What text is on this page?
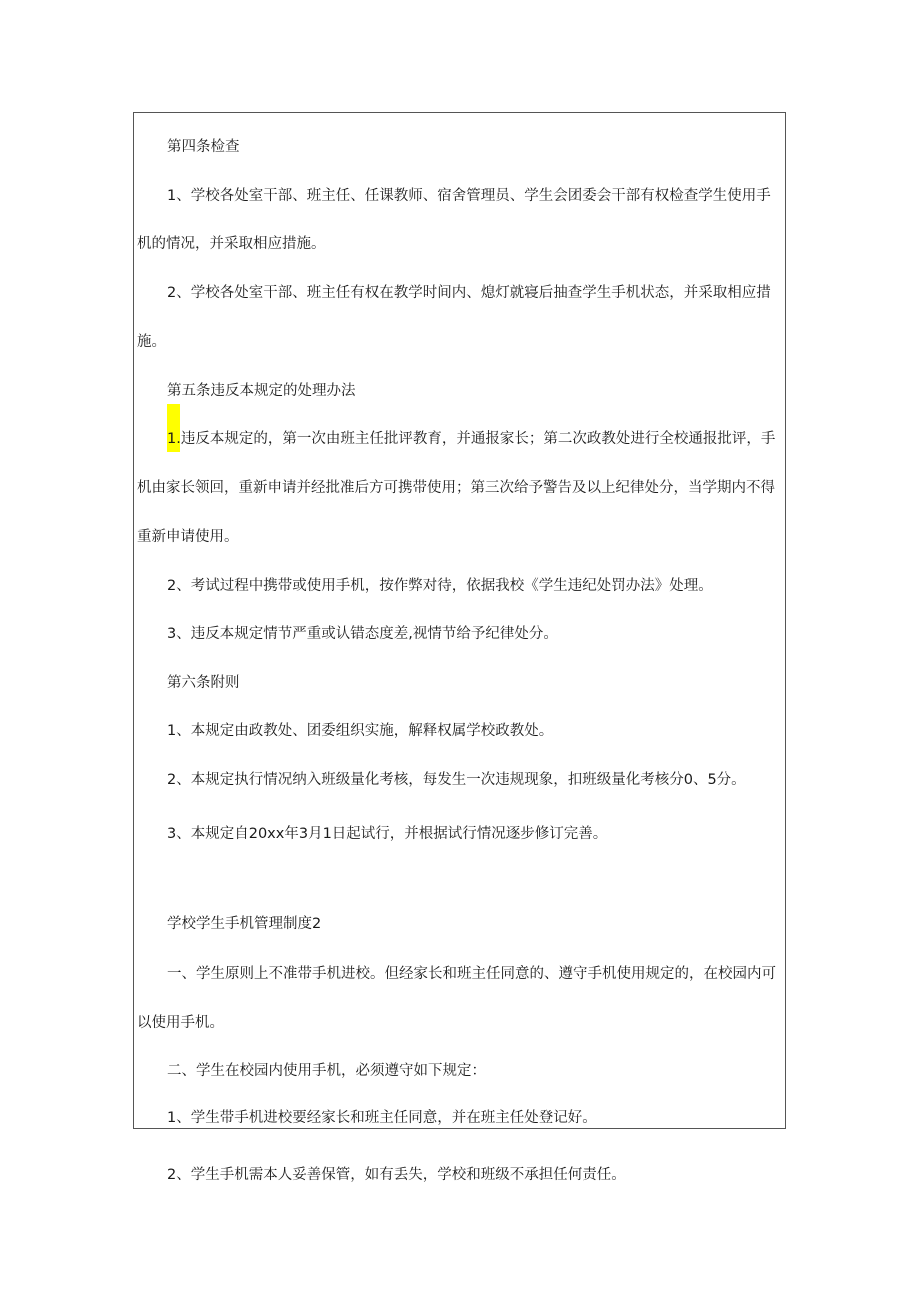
第四条检查

1、学校各处室干部、班主任、任课教师、宿舍管理员、学生会团委会干部有权检查学生使用手

机的情况，并采取相应措施。

2、学校各处室干部、班主任有权在教学时间内、熄灯就寝后抽查学生手机状态，并采取相应措

施。

第五条违反本规定的处理办法

1.违反本规定的，第一次由班主任批评教育，并通报家长；第二次政教处进行全校通报批评，手

机由家长领回，重新申请并经批准后方可携带使用；第三次给予警告及以上纪律处分，当学期内不得

重新申请使用。

2、考试过程中携带或使用手机，按作弊对待，依据我校《学生违纪处罚办法》处理。

3、违反本规定情节严重或认错态度差,视情节给予纪律处分。

第六条附则

1、本规定由政教处、团委组织实施，解释权属学校政教处。

2、本规定执行情况纳入班级量化考核，每发生一次违规现象，扣班级量化考核分0、5分。

3、本规定自20xx年3月1日起试行，并根据试行情况逐步修订完善。

学校学生手机管理制度2

一、学生原则上不准带手机进校。但经家长和班主任同意的、遵守手机使用规定的，在校园内可

以使用手机。

二、学生在校园内使用手机，必须遵守如下规定：

1、学生带手机进校要经家长和班主任同意，并在班主任处登记好。

2、学生手机需本人妥善保管，如有丢失，学校和班级不承担任何责任。
